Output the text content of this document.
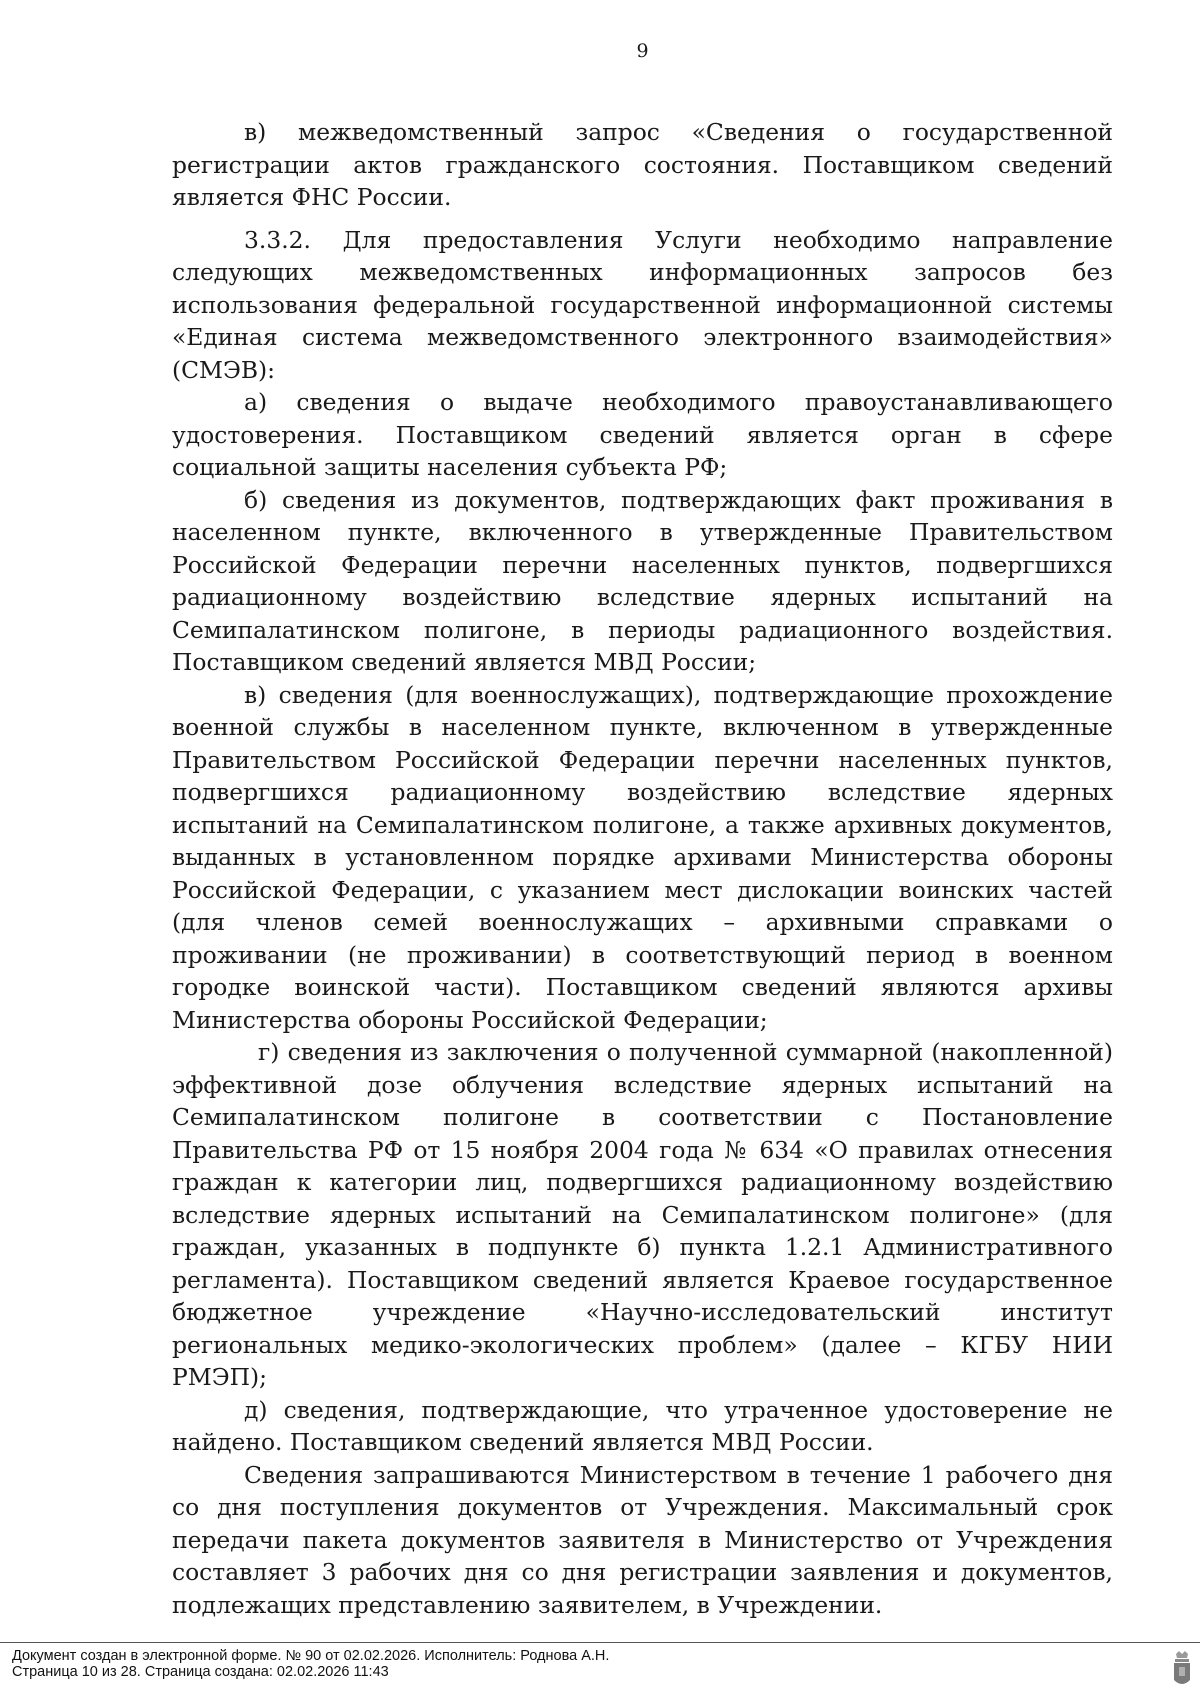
9

в) межведомственный запрос «Сведения о государственной регистрации актов гражданского состояния. Поставщиком сведений является ФНС России.

3.3.2. Для предоставления Услуги необходимо направление следующих межведомственных информационных запросов без использования федеральной государственной информационной системы «Единая система межведомственного электронного взаимодействия» (СМЭВ):

а) сведения о выдаче необходимого правоустанавливающего удостоверения. Поставщиком сведений является орган в сфере социальной защиты населения субъекта РФ;

б) сведения из документов, подтверждающих факт проживания в населенном пункте, включенного в утвержденные Правительством Российской Федерации перечни населенных пунктов, подвергшихся радиационному воздействию вследствие ядерных испытаний на Семипалатинском полигоне, в периоды радиационного воздействия. Поставщиком сведений является МВД России;

в) сведения (для военнослужащих), подтверждающие прохождение военной службы в населенном пункте, включенном в утвержденные Правительством Российской Федерации перечни населенных пунктов, подвергшихся радиационному воздействию вследствие ядерных испытаний на Семипалатинском полигоне, а также архивных документов, выданных в установленном порядке архивами Министерства обороны Российской Федерации, с указанием мест дислокации воинских частей (для членов семей военнослужащих – архивными справками о проживании (не проживании) в соответствующий период в военном городке воинской части). Поставщиком сведений являются архивы Министерства обороны Российской Федерации;

г) сведения из заключения о полученной суммарной (накопленной) эффективной дозе облучения вследствие ядерных испытаний на Семипалатинском полигоне в соответствии с Постановление Правительства РФ от 15 ноября 2004 года № 634 «О правилах отнесения граждан к категории лиц, подвергшихся радиационному воздействию вследствие ядерных испытаний на Семипалатинском полигоне» (для граждан, указанных в подпункте б) пункта 1.2.1 Административного регламента). Поставщиком сведений является Краевое государственное бюджетное учреждение «Научно-исследовательский институт региональных медико-экологических проблем» (далее – КГБУ НИИ РМЭП);

д) сведения, подтверждающие, что утраченное удостоверение не найдено. Поставщиком сведений является МВД России.

Сведения запрашиваются Министерством в течение 1 рабочего дня со дня поступления документов от Учреждения. Максимальный срок передачи пакета документов заявителя в Министерство от Учреждения составляет 3 рабочих дня со дня регистрации заявления и документов, подлежащих представлению заявителем, в Учреждении.

Документ создан в электронной форме. № 90 от 02.02.2026. Исполнитель: Роднова А.Н.
Страница 10 из 28. Страница создана: 02.02.2026 11:43
